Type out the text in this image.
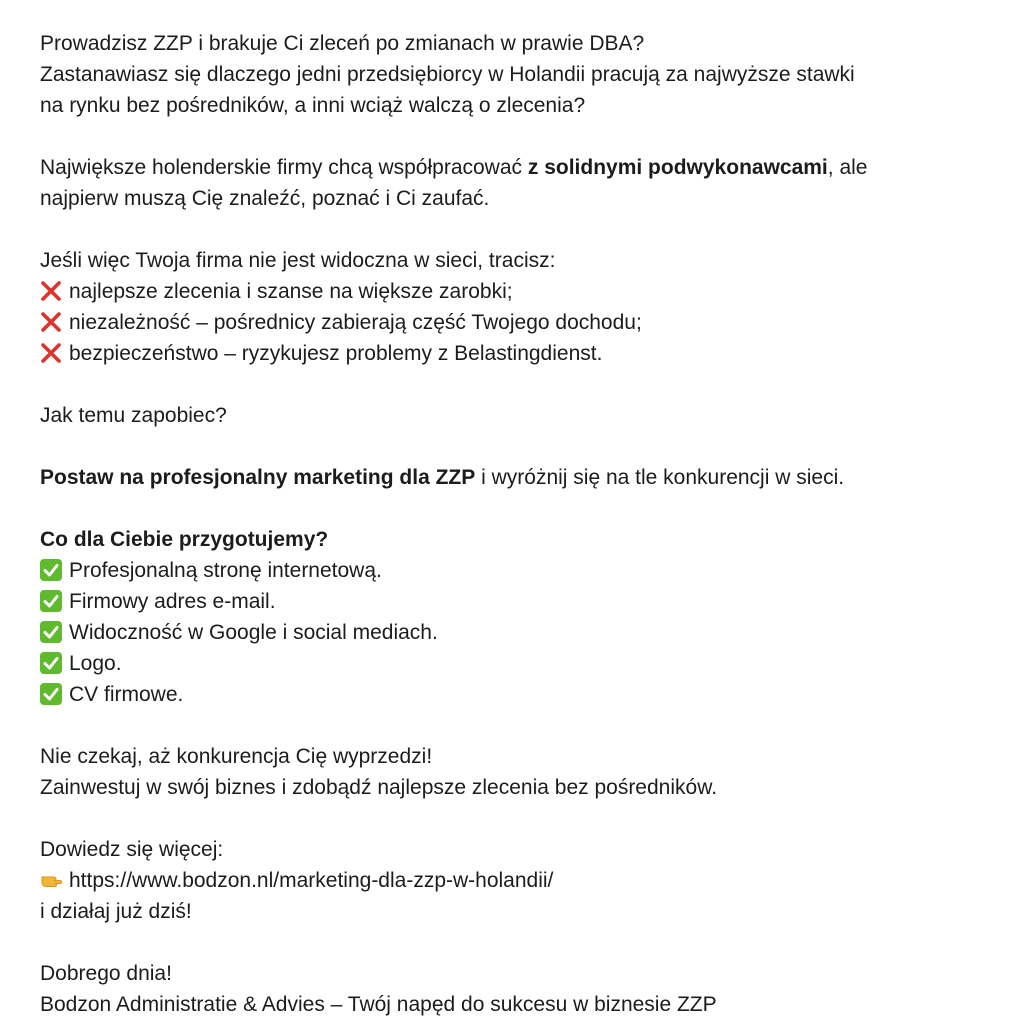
Prowadzisz ZZP i brakuje Ci zleceń po zmianach w prawie DBA?
Zastanawiasz się dlaczego jedni przedsiębiorcy w Holandii pracują za najwyższe stawki
na rynku bez pośredników, a inni wciąż walczą o zlecenia?
Największe holenderskie firmy chcą współpracować z solidnymi podwykonawcami, ale
najpierw muszą Cię znaleźć, poznać i Ci zaufać.
Jeśli więc Twoja firma nie jest widoczna w sieci, tracisz:
najlepsze zlecenia i szanse na większe zarobki;
niezależność – pośrednicy zabierają część Twojego dochodu;
bezpieczeństwo – ryzykujesz problemy z Belastingdienst.
Jak temu zapobiec?
Postaw na profesjonalny marketing dla ZZP i wyróżnij się na tle konkurencji w sieci.
Co dla Ciebie przygotujemy?
Profesjonalną stronę internetową.
Firmowy adres e-mail.
Widoczność w Google i social mediach.
Logo.
CV firmowe.
Nie czekaj, aż konkurencja Cię wyprzedzi!
Zainwestuj w swój biznes i zdobądź najlepsze zlecenia bez pośredników.
Dowiedz się więcej:
https://www.bodzon.nl/marketing-dla-zzp-w-holandii/
i działaj już dziś!
Dobrego dnia!
Bodzon Administratie & Advies – Twój napęd do sukcesu w biznesie ZZP
